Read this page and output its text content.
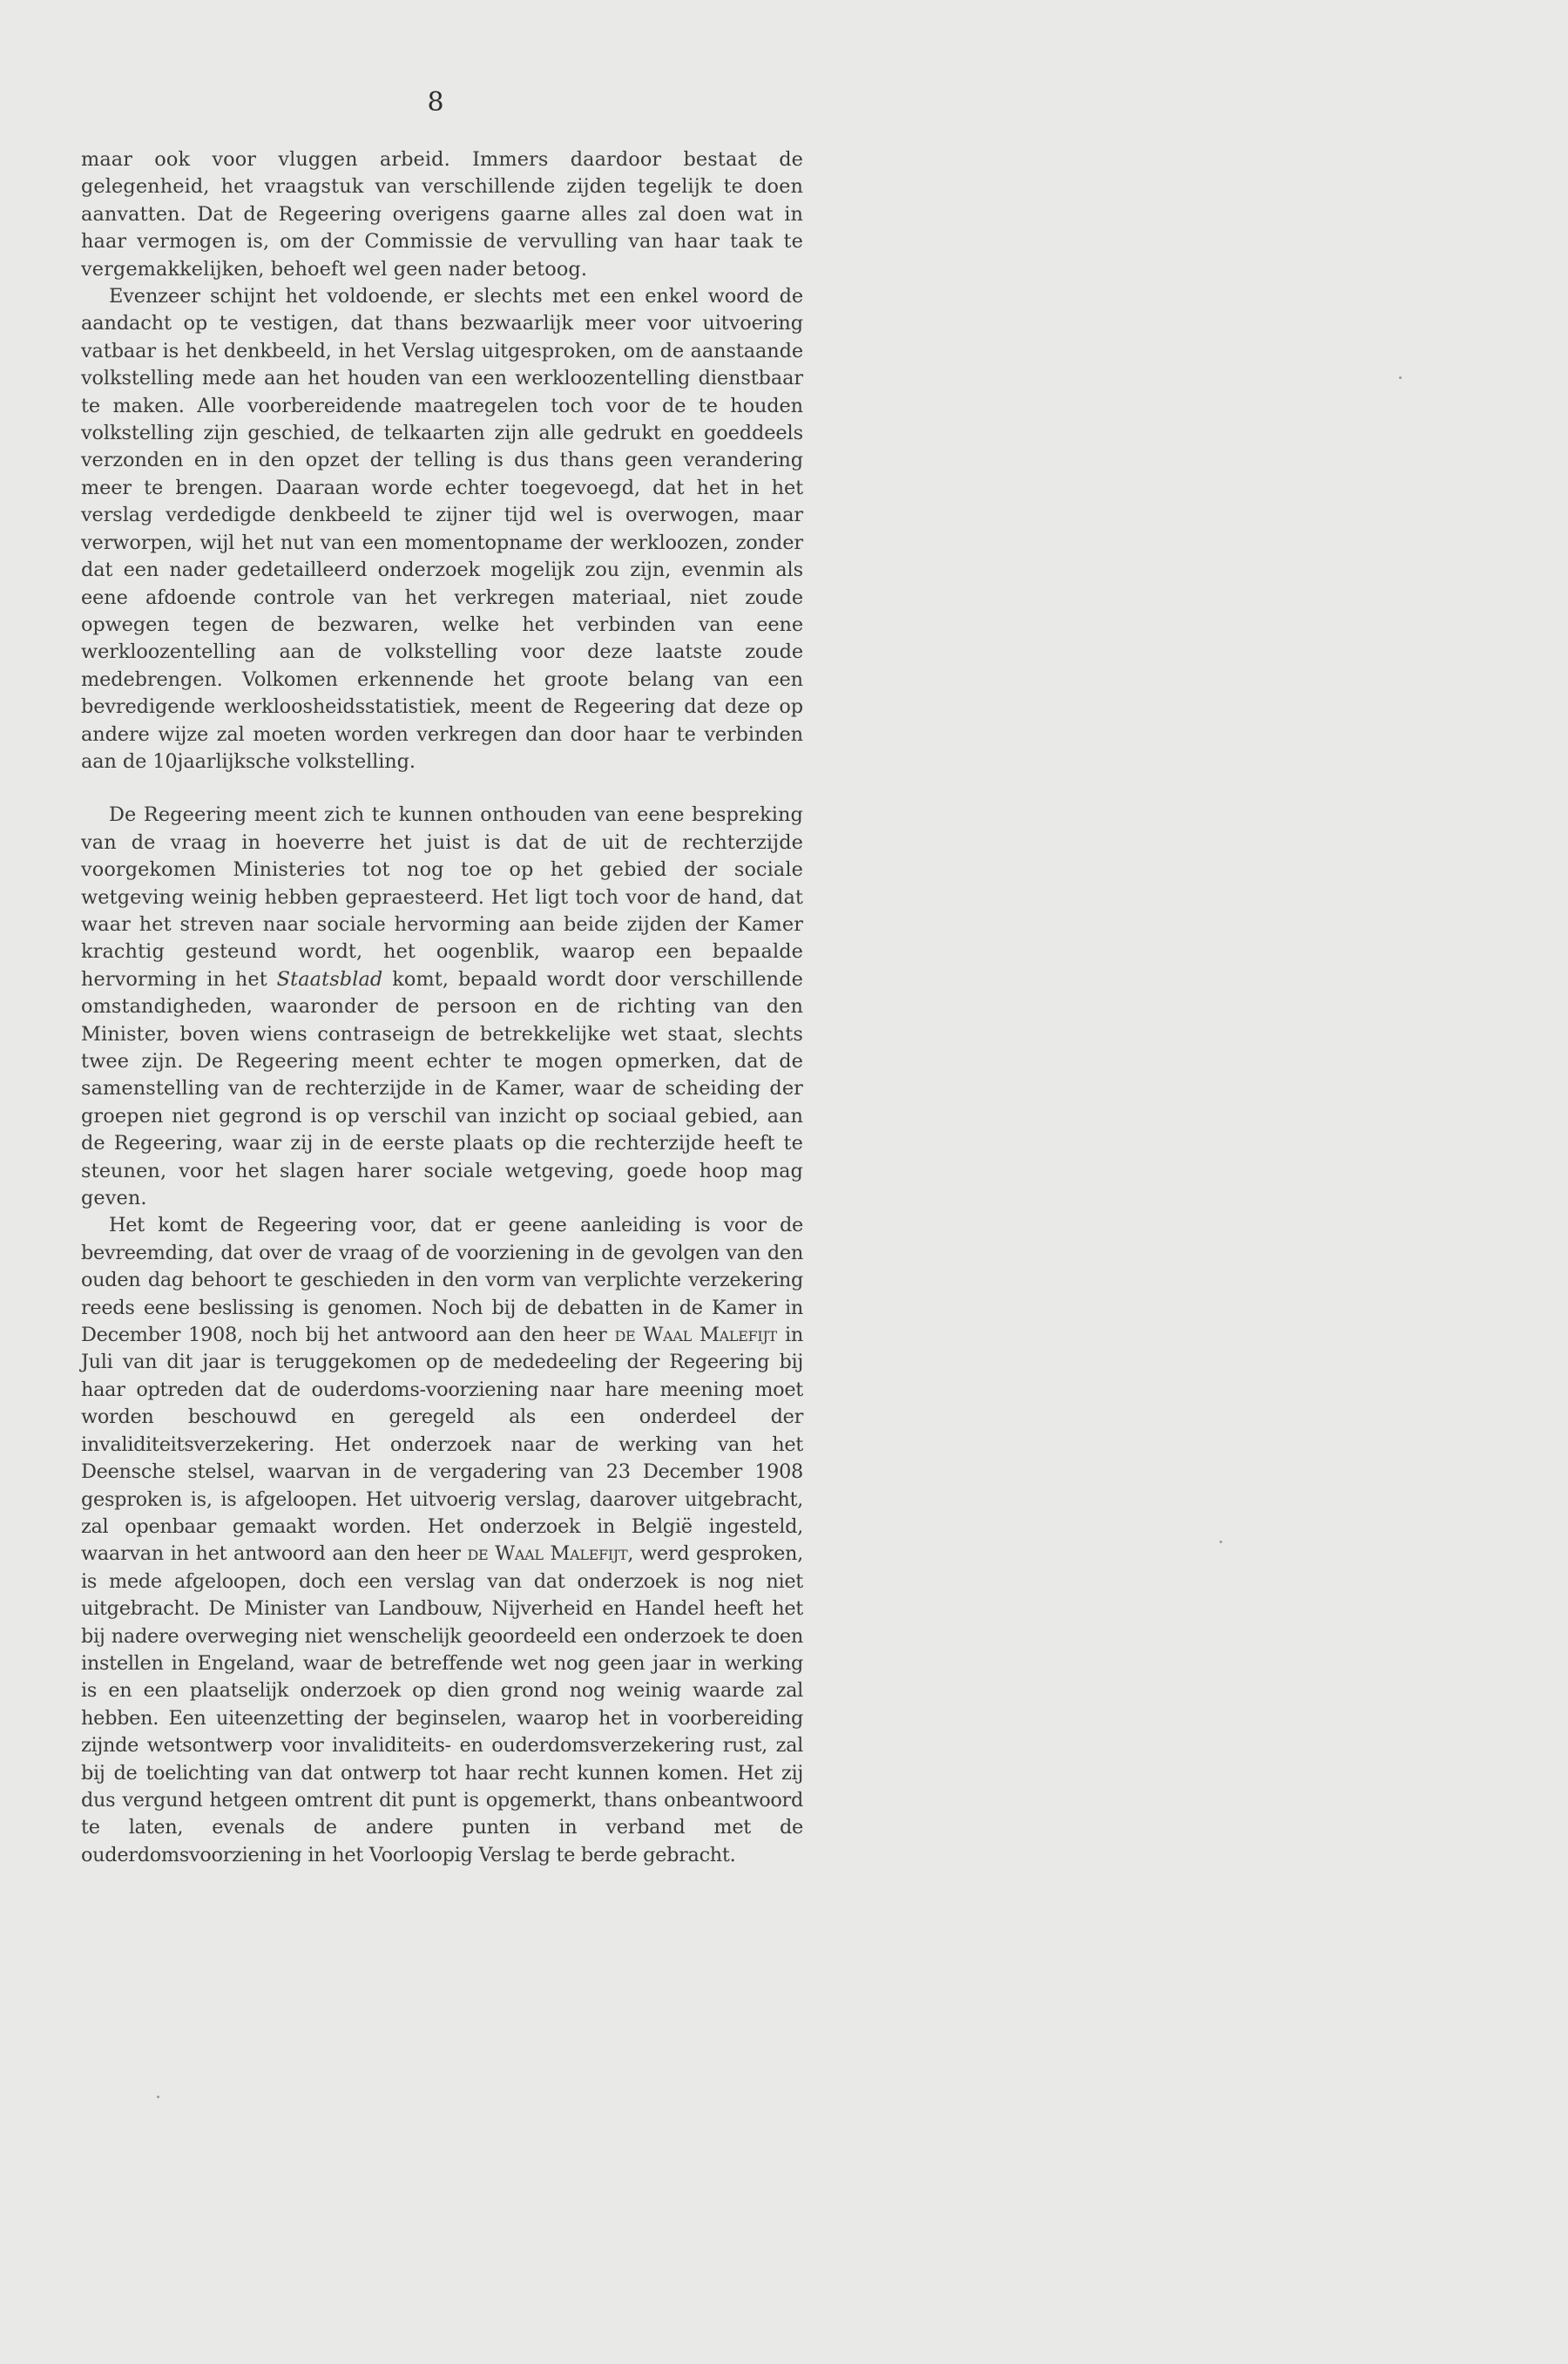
8

maar ook voor vluggen arbeid. Immers daardoor bestaat de gelegenheid, het vraagstuk van verschillende zijden tegelijk te doen aanvatten. Dat de Regeering overigens gaarne alles zal doen wat in haar vermogen is, om der Commissie de vervulling van haar taak te vergemakkelijken, behoeft wel geen nader betoog.

Evenzeer schijnt het voldoende, er slechts met een enkel woord de aandacht op te vestigen, dat thans bezwaarlijk meer voor uitvoering vatbaar is het denkbeeld, in het Verslag uitgesproken, om de aanstaande volkstelling mede aan het houden van een werkloozentelling dienstbaar te maken. Alle voorbereidende maatregelen toch voor de te houden volkstelling zijn geschied, de telkaarten zijn alle gedrukt en goeddeels verzonden en in den opzet der telling is dus thans geen verandering meer te brengen. Daaraan worde echter toegevoegd, dat het in het verslag verdedigde denkbeeld te zijner tijd wel is overwogen, maar verworpen, wijl het nut van een momentopname der werkloozen, zonder dat een nader gedetailleerd onderzoek mogelijk zou zijn, evenmin als eene afdoende controle van het verkregen materiaal, niet zoude opwegen tegen de bezwaren, welke het verbinden van eene werkloozentelling aan de volkstelling voor deze laatste zoude medebrengen. Volkomen erkennende het groote belang van een bevredigende werkloosheidsstatistiek, meent de Regeering dat deze op andere wijze zal moeten worden verkregen dan door haar te verbinden aan de 10jaarlijksche volkstelling.

De Regeering meent zich te kunnen onthouden van eene bespreking van de vraag in hoeverre het juist is dat de uit de rechterzijde voorgekomen Ministeries tot nog toe op het gebied der sociale wetgeving weinig hebben gepraesteerd. Het ligt toch voor de hand, dat waar het streven naar sociale hervorming aan beide zijden der Kamer krachtig gesteund wordt, het oogenblik, waarop een bepaalde hervorming in het Staatsblad komt, bepaald wordt door verschillende omstandigheden, waaronder de persoon en de richting van den Minister, boven wiens contraseign de betrekkelijke wet staat, slechts twee zijn. De Regeering meent echter te mogen opmerken, dat de samenstelling van de rechterzijde in de Kamer, waar de scheiding der groepen niet gegrond is op verschil van inzicht op sociaal gebied, aan de Regeering, waar zij in de eerste plaats op die rechterzijde heeft te steunen, voor het slagen harer sociale wetgeving, goede hoop mag geven.

Het komt de Regeering voor, dat er geene aanleiding is voor de bevreemding, dat over de vraag of de voorziening in de gevolgen van den ouden dag behoort te geschieden in den vorm van verplichte verzekering reeds eene beslissing is genomen. Noch bij de debatten in de Kamer in December 1908, noch bij het antwoord aan den heer de Waal Malefijt in Juli van dit jaar is teruggekomen op de mededeeling der Regeering bij haar optreden dat de ouderdoms-voorziening naar hare meening moet worden beschouwd en geregeld als een onderdeel der invaliditeitsverzekering. Het onderzoek naar de werking van het Deensche stelsel, waarvan in de vergadering van 23 December 1908 gesproken is, is afgeloopen. Het uitvoerig verslag, daarover uitgebracht, zal openbaar gemaakt worden. Het onderzoek in België ingesteld, waarvan in het antwoord aan den heer de Waal Malefijt, werd gesproken, is mede afgeloopen, doch een verslag van dat onderzoek is nog niet uitgebracht. De Minister van Landbouw, Nijverheid en Handel heeft het bij nadere overweging niet wenschelijk geoordeeld een onderzoek te doen instellen in Engeland, waar de betreffende wet nog geen jaar in werking is en een plaatselijk onderzoek op dien grond nog weinig waarde zal hebben. Een uiteenzetting der beginselen, waarop het in voorbereiding zijnde wetsontwerp voor invaliditeits- en ouderdomsverzekering rust, zal bij de toelichting van dat ontwerp tot haar recht kunnen komen. Het zij dus vergund hetgeen omtrent dit punt is opgemerkt, thans onbeantwoord te laten, evenals de andere punten in verband met de ouderdomsvoorziening in het Voorloopig Verslag te berde gebracht.
